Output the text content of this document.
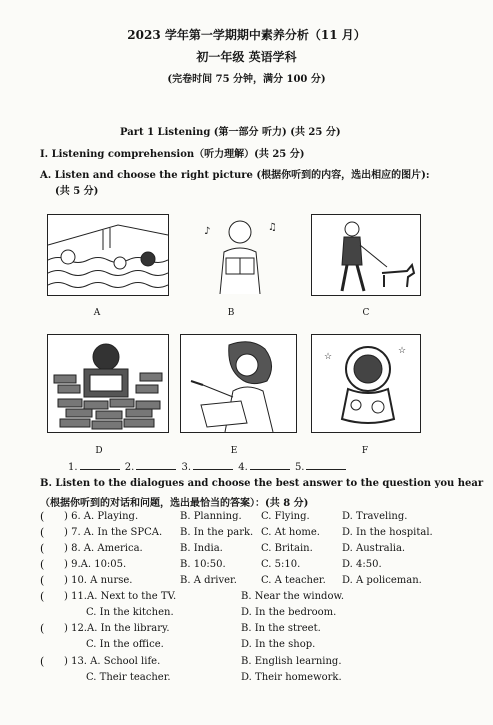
2023 学年第一学期期中素养分析（11 月）
初一年级 英语学科
(完卷时间 75 分钟，满分 100 分)
Part 1 Listening (第一部分 听力) (共 25 分)
I. Listening comprehension（听力理解）(共 25 分)
A. Listen and choose the right picture (根据你听到的内容，选出相应的图片):
(共 5 分)
A
♪	♫
B	C
D	E
☆
☆
F
1.	2.	3.	4.	5.
B. Listen to the dialogues and choose the best answer to the question you hear
（根据你听到的对话和问题，选出最恰当的答案）：(共 8 分)
( ) 6. A. Playing.	B. Planning. C. Flying.	D. Traveling.
( ) 7. A. In the SPCA. B. In the park. C. At home. D. In the hospital.
( ) 8. A. America.	B. India.	C. Britain.	D. Australia.
( ) 9.A. 10:05.	B. 10:50.	C. 5:10.	D. 4:50.
( ) 10. A nurse.	B. A driver. C. A teacher. D. A policeman.
( ) 11.A. Next to the TV.	B. Near the window.
C. In the kitchen.	D. In the bedroom.
( ) 12.A. In the library.	B. In the street.
C. In the office.	D. In the shop.
( ) 13. A. School life.	B. English learning.
C. Their teacher.	D. Their homework.
